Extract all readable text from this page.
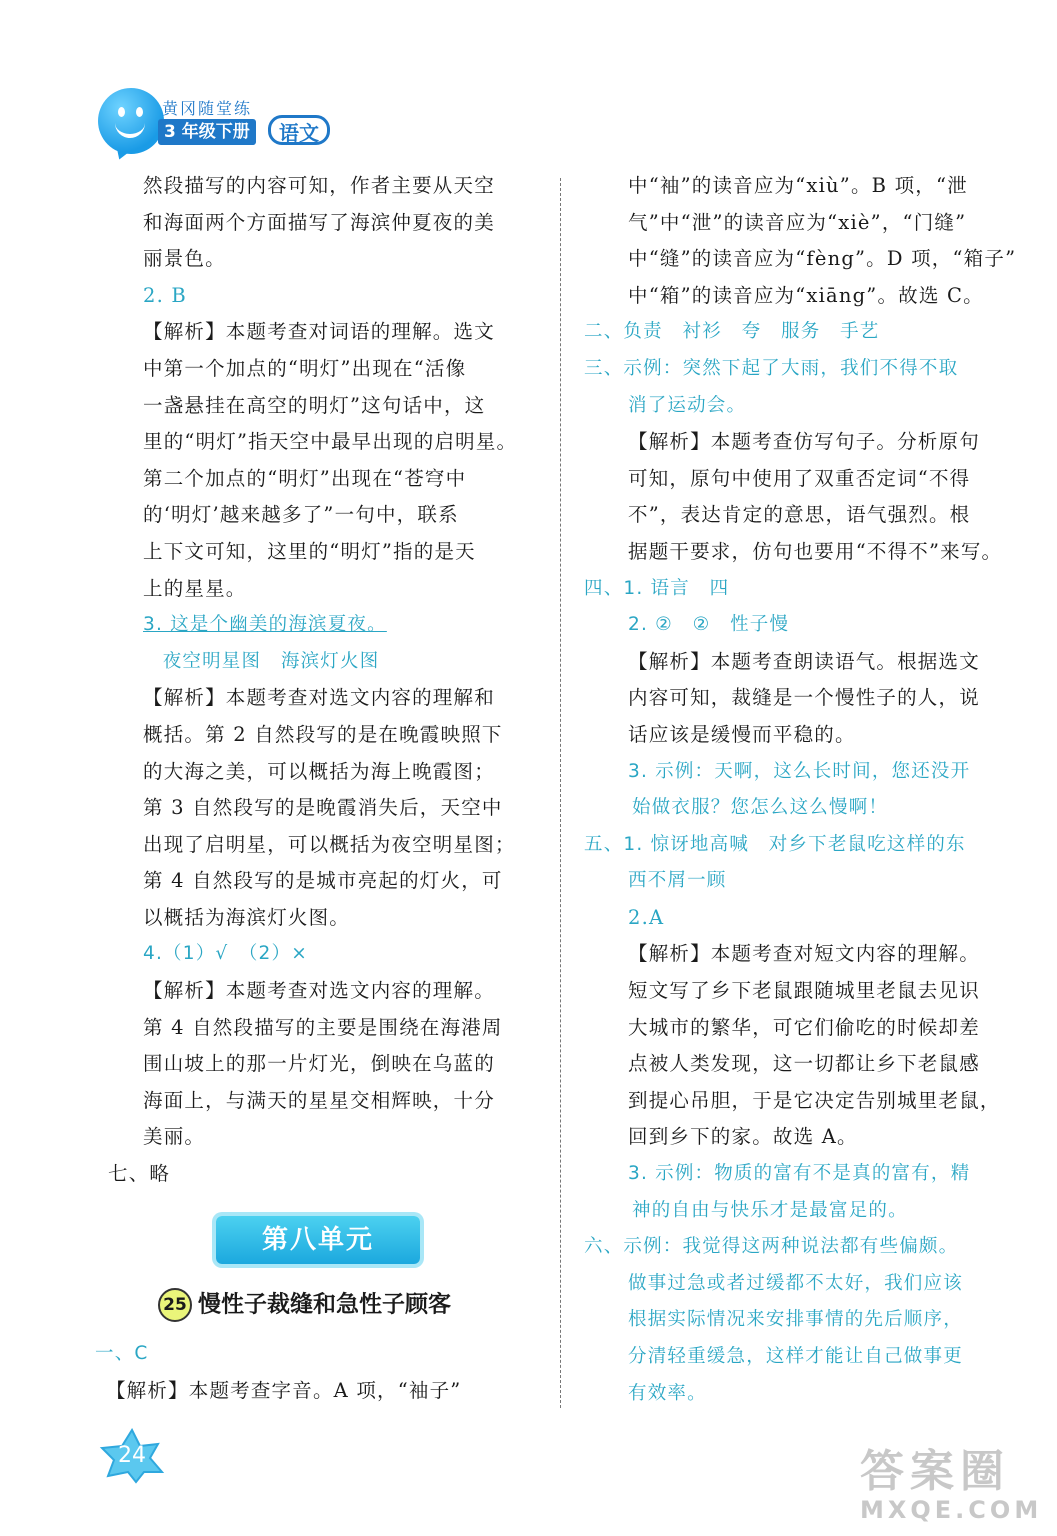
黄冈随堂练
3 年级下册	语文
然段描写的内容可知，作者主要从天空
和海面两个方面描写了海滨仲夏夜的美
丽景色。
2. B
【解析】本题考查对词语的理解。选文
中第一个加点的“明灯”出现在“活像
一盏悬挂在高空的明灯”这句话中，这
里的“明灯”指天空中最早出现的启明星。
第二个加点的“明灯”出现在“苍穹中
的‘明灯’越来越多了”一句中，联系
上下文可知，这里的“明灯”指的是天
上的星星。
3. 这是个幽美的海滨夏夜。
　夜空明星图　海滨灯火图
【解析】本题考查对选文内容的理解和
概括。第 2 自然段写的是在晚霞映照下
的大海之美，可以概括为海上晚霞图；
第 3 自然段写的是晚霞消失后，天空中
出现了启明星，可以概括为夜空明星图；
第 4 自然段写的是城市亮起的灯火，可
以概括为海滨灯火图。
4.（1）√　（2）×
【解析】本题考查对选文内容的理解。
第 4 自然段描写的主要是围绕在海港周
围山坡上的那一片灯光，倒映在乌蓝的
海面上，与满天的星星交相辉映，十分
美丽。
七、略
中“袖”的读音应为“xiù”。B 项，“泄
气”中“泄”的读音应为“xiè”，“门缝”
中“缝”的读音应为“fèng”。D 项，“箱子”
中“箱”的读音应为“xiāng”。故选 C。
二、负责　衬衫　夸　服务　手艺
三、示例：突然下起了大雨，我们不得不取
消了运动会。
【解析】本题考查仿写句子。分析原句
可知，原句中使用了双重否定词“不得
不”，表达肯定的意思，语气强烈。根
据题干要求，仿句也要用“不得不”来写。
四、1. 语言　四
2. ②　②　性子慢
【解析】本题考查朗读语气。根据选文
内容可知，裁缝是一个慢性子的人，说
话应该是缓慢而平稳的。
3. 示例：天啊，这么长时间，您还没开
始做衣服？您怎么这么慢啊！
五、1. 惊讶地高喊　对乡下老鼠吃这样的东
西不屑一顾
2.A
【解析】本题考查对短文内容的理解。
短文写了乡下老鼠跟随城里老鼠去见识
大城市的繁华，可它们偷吃的时候却差
点被人类发现，这一切都让乡下老鼠感
到提心吊胆，于是它决定告别城里老鼠，
回到乡下的家。故选 A。
3. 示例：物质的富有不是真的富有，精
神的自由与快乐才是最富足的。
六、示例：我觉得这两种说法都有些偏颇。
做事过急或者过缓都不太好，我们应该
根据实际情况来安排事情的先后顺序，
分清轻重缓急，这样才能让自己做事更
有效率。
第八单元
25 慢性子裁缝和急性子顾客
一、C
　【解析】本题考查字音。A 项，“袖子”
24	答案圈
MXQE.COM
